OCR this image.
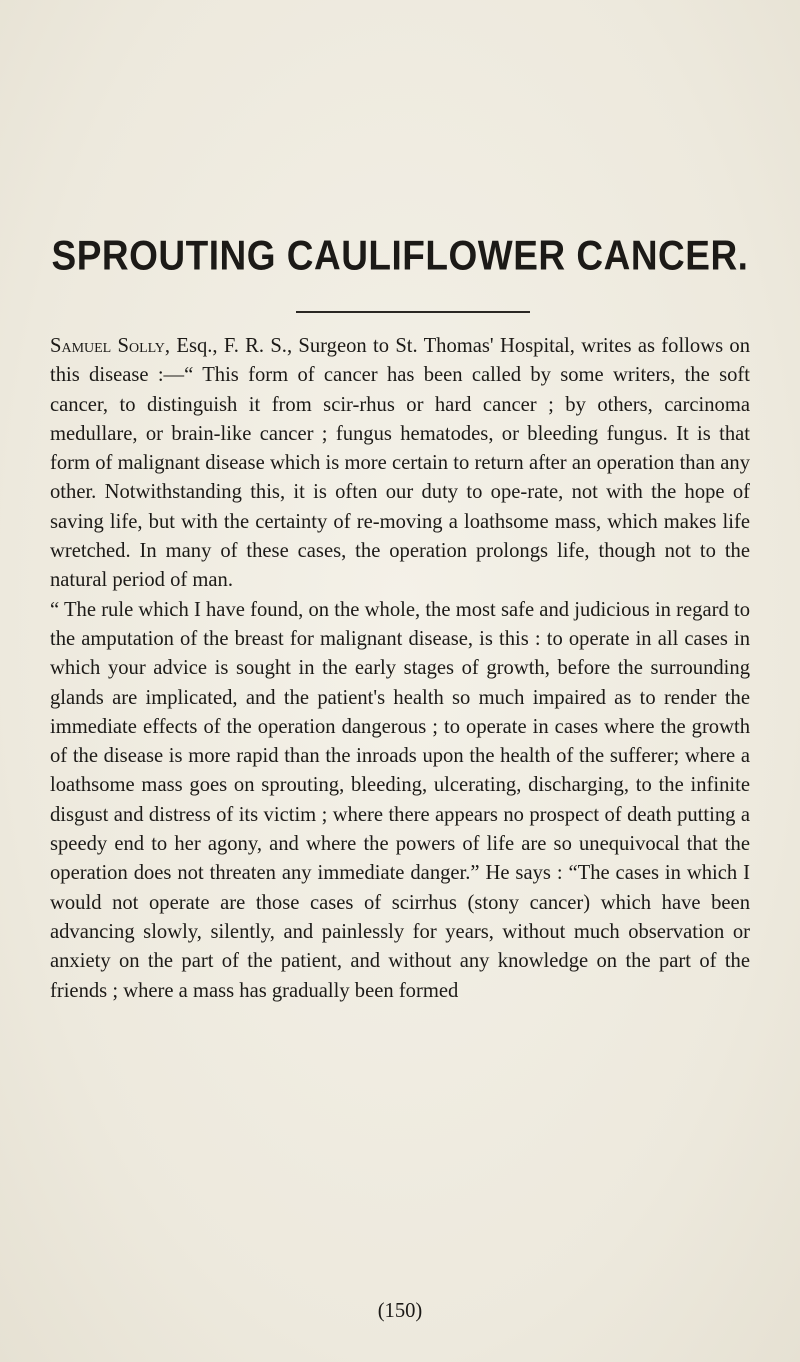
SPROUTING CAULIFLOWER CANCER.

Samuel Solly, Esq., F. R. S., Surgeon to St. Thomas' Hospital, writes as follows on this disease :—“ This form of cancer has been called by some writers, the soft cancer, to distinguish it from scir-rhus or hard cancer ; by others, carcinoma medullare, or brain-like cancer ; fungus hematodes, or bleeding fungus. It is that form of malignant disease which is more certain to return after an operation than any other. Notwithstanding this, it is often our duty to ope-rate, not with the hope of saving life, but with the certainty of re-moving a loathsome mass, which makes life wretched. In many of these cases, the operation prolongs life, though not to the natural period of man.

“ The rule which I have found, on the whole, the most safe and judicious in regard to the amputation of the breast for malignant disease, is this : to operate in all cases in which your advice is sought in the early stages of growth, before the surrounding glands are implicated, and the patient's health so much impaired as to render the immediate effects of the operation dangerous ; to operate in cases where the growth of the disease is more rapid than the inroads upon the health of the sufferer; where a loathsome mass goes on sprouting, bleeding, ulcerating, discharging, to the infinite disgust and distress of its victim ; where there appears no prospect of death putting a speedy end to her agony, and where the powers of life are so unequivocal that the operation does not threaten any immediate danger.” He says : “The cases in which I would not operate are those cases of scirrhus (stony cancer) which have been advancing slowly, silently, and painlessly for years, without much observation or anxiety on the part of the patient, and without any knowledge on the part of the friends ; where a mass has gradually been formed

(150)
